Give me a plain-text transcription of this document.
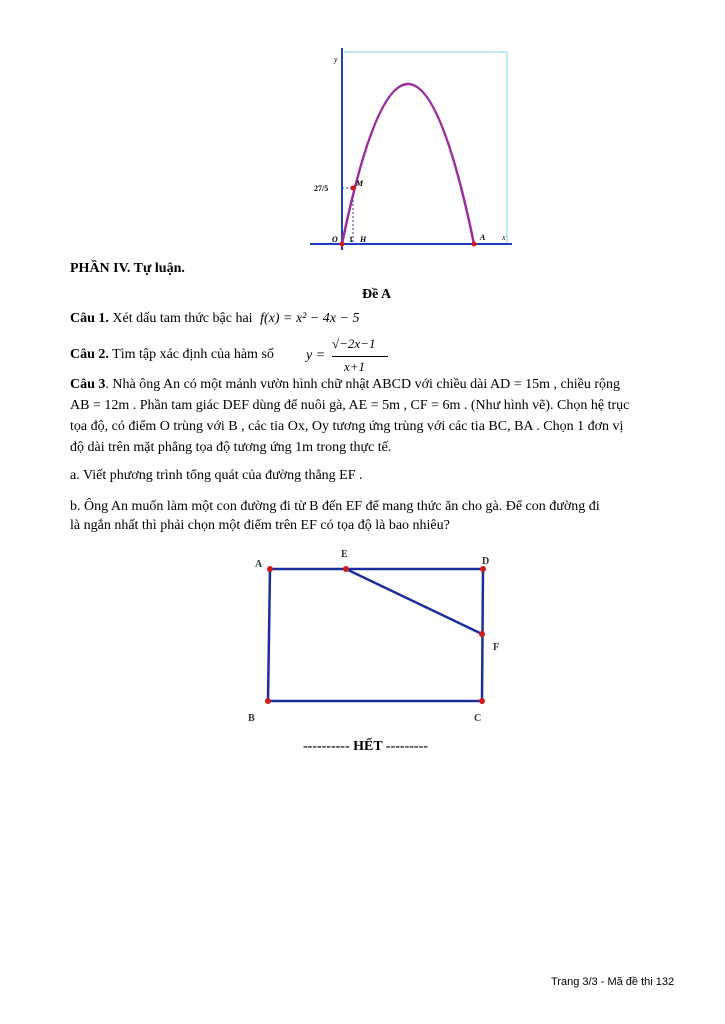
y
x
27/5
1
O
M
H	A
PHẦN IV. Tự luận.
Đề A
Câu 1. Xét dấu tam thức bậc hai f(x) = x² − 4x − 5
Câu 2. Tìm tập xác định của hàm số y =
√−2x−1
x+1
Câu 3. Nhà ông An có một mảnh vườn hình chữ nhật ABCD với chiều dài AD = 15m , chiều rộng
AB = 12m . Phần tam giác DEF dùng để nuôi gà, AE = 5m , CF = 6m . (Như hình vẽ). Chọn hệ trục
tọa độ, có điểm O trùng với B , các tia Ox, Oy tương ứng trùng với các tia BC, BA . Chọn 1 đơn vị
độ dài trên mặt phẳng tọa độ tương ứng 1m trong thực tế.
a. Viết phương trình tổng quát của đường thẳng EF .
b. Ông An muốn làm một con đường đi từ B đến EF để mang thức ăn cho gà. Để con đường đi
là ngắn nhất thì phải chọn một điểm trên EF có tọa độ là bao nhiêu?
A
E
D
F
B	C
---------- HẾT ---------
Trang 3/3 - Mã đề thi 132
